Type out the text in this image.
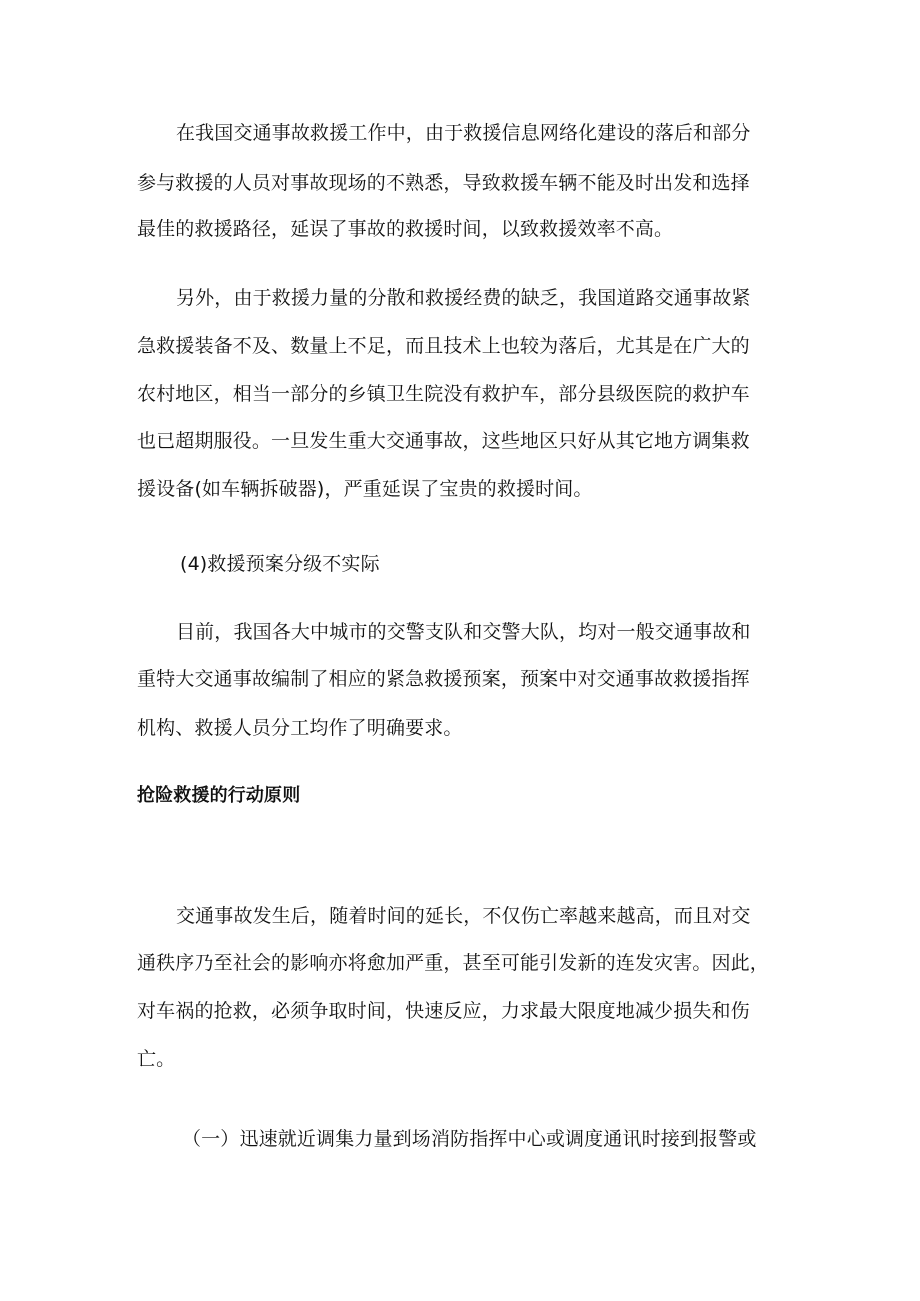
在我国交通事故救援工作中，由于救援信息网络化建设的落后和部分
参与救援的人员对事故现场的不熟悉，导致救援车辆不能及时出发和选择
最佳的救援路径，延误了事故的救援时间，以致救援效率不高。
另外，由于救援力量的分散和救援经费的缺乏，我国道路交通事故紧
急救援装备不及、数量上不足，而且技术上也较为落后，尤其是在广大的
农村地区，相当一部分的乡镇卫生院没有救护车，部分县级医院的救护车
也已超期服役。一旦发生重大交通事故，这些地区只好从其它地方调集救
援设备(如车辆拆破器)，严重延误了宝贵的救援时间。
(4)救援预案分级不实际
目前，我国各大中城市的交警支队和交警大队，均对一般交通事故和
重特大交通事故编制了相应的紧急救援预案，预案中对交通事故救援指挥
机构、救援人员分工均作了明确要求。
抢险救援的行动原则
交通事故发生后，随着时间的延长，不仅伤亡率越来越高，而且对交
通秩序乃至社会的影响亦将愈加严重，甚至可能引发新的连发灾害。因此，
对车祸的抢救，必须争取时间，快速反应，力求最大限度地减少损失和伤
亡。
（一）迅速就近调集力量到场消防指挥中心或调度通讯时接到报警或
